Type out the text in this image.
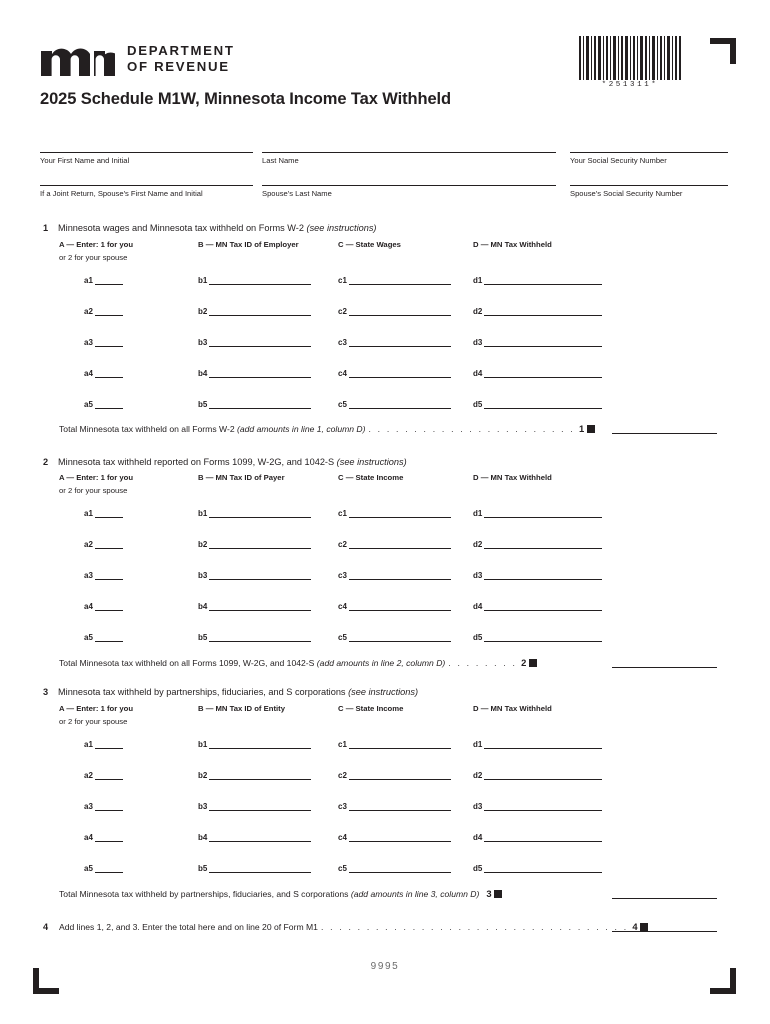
DEPARTMENT
OF REVENUE
*251311*
2025 Schedule M1W, Minnesota Income Tax Withheld
Your First Name and Initial	Last Name	Your Social Security Number
If a Joint Return, Spouse's First Name and Initial	Spouse's Last Name	Spouse's Social Security Number
1 Minnesota wages and Minnesota tax withheld on Forms W-2 (see instructions)
A — Enter: 1 for you
or 2 for your spouse
B — MN Tax ID of Employer	C — State Wages	D — MN Tax Withheld
a1	b1	c1	d1
a2	b2	c2	d2
a3	b3	c3	d3
a4	b4	c4	d4
a5	b5	c5	d5
Total Minnesota tax withheld on all Forms W-2 (add amounts in line 1, column D) . . . . . . . . . . . . . . . . . . . . . . . 1
2 Minnesota tax withheld reported on Forms 1099, W-2G, and 1042-S (see instructions)
A — Enter: 1 for you
or 2 for your spouse
B — MN Tax ID of Payer	C — State Income	D — MN Tax Withheld
a1	b1	c1	d1
a2	b2	c2	d2
a3	b3	c3	d3
a4	b4	c4	d4
a5	b5	c5	d5
Total Minnesota tax withheld on all Forms 1099, W-2G, and 1042-S (add amounts in line 2, column D) . . . . . . . . 2
3 Minnesota tax withheld by partnerships, fiduciaries, and S corporations (see instructions)
A — Enter: 1 for you
or 2 for your spouse
B — MN Tax ID of Entity	C — State Income	D — MN Tax Withheld
a1	b1	c1	d1
a2	b2	c2	d2
a3	b3	c3	d3
a4	b4	c4	d4
a5	b5	c5	d5
Total Minnesota tax withheld by partnerships, fiduciaries, and S corporations (add amounts in line 3, column D) 3
4 Add lines 1, 2, and 3. Enter the total here and on line 20 of Form M1 . . . . . . . . . . . . . . . . . . . . . . . . . . . . . . . . . . 4
9995
